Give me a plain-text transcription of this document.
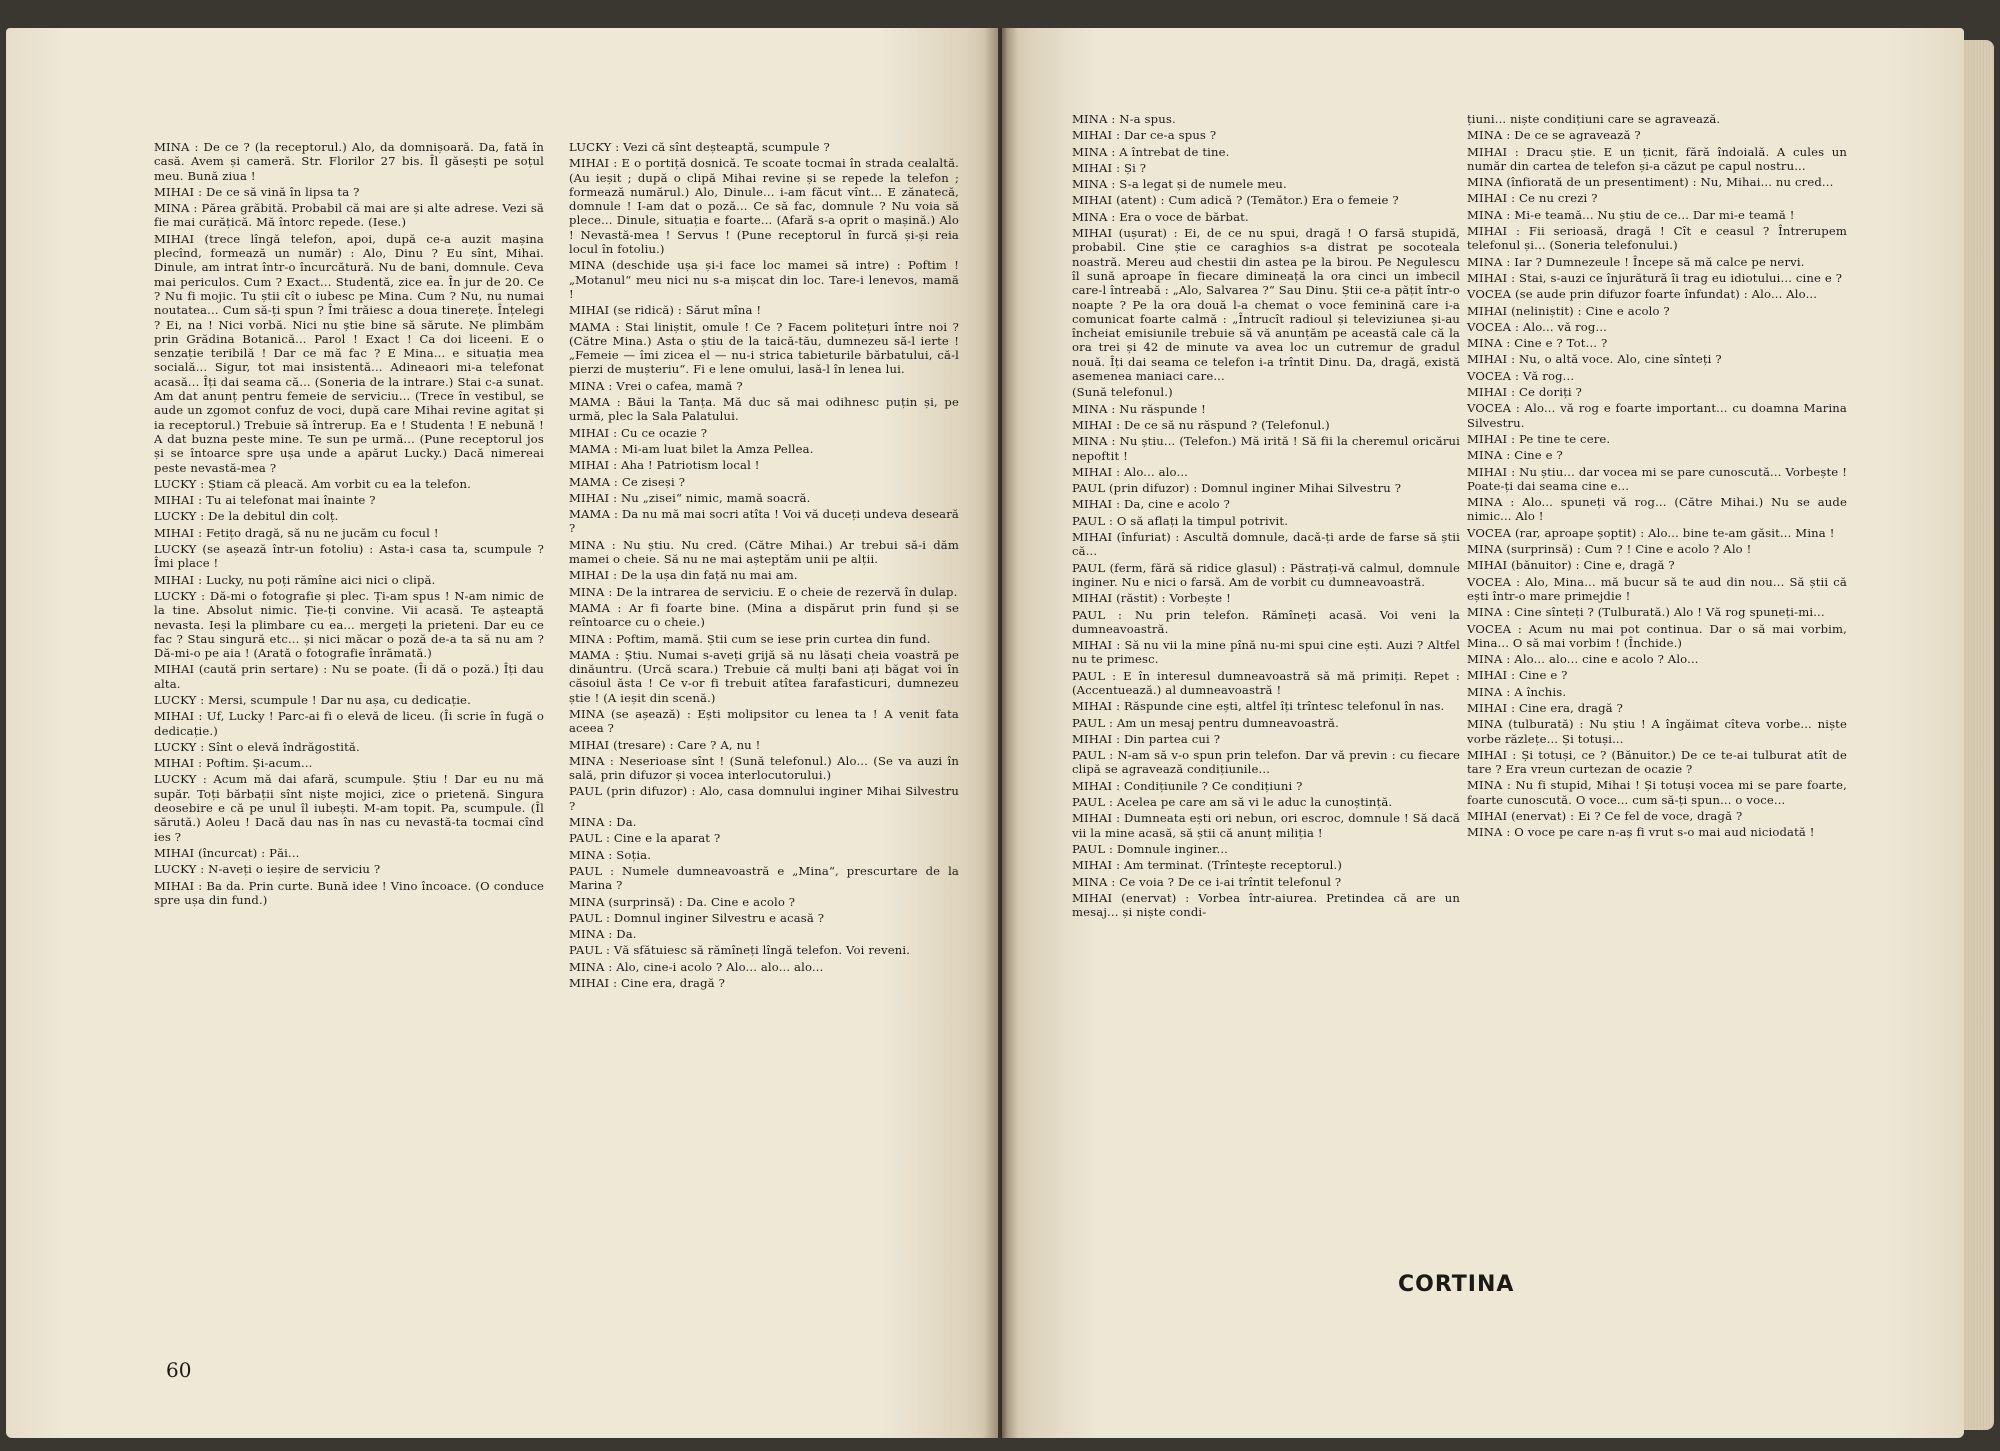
MINA : De ce ? (la receptorul.) Alo, da domnișoară. Da, fată în casă. Avem și cameră. Str. Florilor 27 bis. Îl găsești pe soțul meu. Bună ziua !

MIHAI : De ce să vină în lipsa ta ?

MINA : Părea grăbită. Probabil că mai are și alte adrese. Vezi să fie mai curățică. Mă întorc repede. (Iese.)

MIHAI (trece lîngă telefon, apoi, după ce-a auzit mașina plecînd, formează un număr) : Alo, Dinu ? Eu sînt, Mihai. Dinule, am intrat într-o încurcătură. Nu de bani, domnule. Ceva mai periculos. Cum ? Exact... Studentă, zice ea. În jur de 20. Ce ? Nu fi mojic. Tu știi cît o iubesc pe Mina. Cum ? Nu, nu numai noutatea... Cum să-ți spun ? Îmi trăiesc a doua tinerețe. Înțelegi ? Ei, na ! Nici vorbă. Nici nu știe bine să sărute. Ne plimbăm prin Grădina Botanică... Parol ! Exact ! Ca doi liceeni. E o senzație teribilă ! Dar ce mă fac ? E Mina... e situația mea socială... Sigur, tot mai insistentă... Adineaori mi-a telefonat acasă... Îți dai seama că... (Soneria de la intrare.) Stai c-a sunat. Am dat anunț pentru femeie de serviciu... (Trece în vestibul, se aude un zgomot confuz de voci, după care Mihai revine agitat și ia receptorul.) Trebuie să întrerup. Ea e ! Studenta ! E nebună ! A dat buzna peste mine. Te sun pe urmă... (Pune receptorul jos și se întoarce spre ușa unde a apărut Lucky.) Dacă nimereai peste nevastă-mea ?

LUCKY : Știam că pleacă. Am vorbit cu ea la telefon.

MIHAI : Tu ai telefonat mai înainte ?

LUCKY : De la debitul din colț.

MIHAI : Fetițo dragă, să nu ne jucăm cu focul !

LUCKY (se așează într-un fotoliu) : Asta-i casa ta, scumpule ? Îmi place !

MIHAI : Lucky, nu poți rămîne aici nici o clipă.

LUCKY : Dă-mi o fotografie și plec. Ți-am spus ! N-am nimic de la tine. Absolut nimic. Ție-ți convine. Vii acasă. Te așteaptă nevasta. Ieși la plimbare cu ea... mergeți la prieteni. Dar eu ce fac ? Stau singură etc... și nici măcar o poză de-a ta să nu am ? Dă-mi-o pe aia ! (Arată o fotografie înrămată.)

MIHAI (caută prin sertare) : Nu se poate. (Îi dă o poză.) Îți dau alta.

LUCKY : Mersi, scumpule ! Dar nu așa, cu dedicație.

MIHAI : Uf, Lucky ! Parc-ai fi o elevă de liceu. (Îi scrie în fugă o dedicație.)

LUCKY : Sînt o elevă îndrăgostită.

MIHAI : Poftim. Și-acum...

LUCKY : Acum mă dai afară, scumpule. Știu ! Dar eu nu mă supăr. Toți bărbații sînt niște mojici, zice o prietenă. Singura deosebire e că pe unul îl iubești. M-am topit. Pa, scumpule. (Îl sărută.) Aoleu ! Dacă dau nas în nas cu nevastă-ta tocmai cînd ies ?

MIHAI (încurcat) : Păi...

LUCKY : N-aveți o ieșire de serviciu ?

MIHAI : Ba da. Prin curte. Bună idee ! Vino încoace. (O conduce spre ușa din fund.)

LUCKY : Vezi că sînt deșteaptă, scumpule ?

MIHAI : E o portiță dosnică. Te scoate tocmai în strada cealaltă. (Au ieșit ; după o clipă Mihai revine și se repede la telefon ; formează numărul.) Alo, Dinule... i-am făcut vînt... E zănatecă, domnule ! I-am dat o poză... Ce să fac, domnule ? Nu voia să plece... Dinule, situația e foarte... (Afară s-a oprit o mașină.) Alo ! Nevastă-mea ! Servus ! (Pune receptorul în furcă și-și reia locul în fotoliu.)

MINA (deschide ușa și-i face loc mamei să intre) : Poftim ! „Motanul“ meu nici nu s-a mișcat din loc. Tare-i lenevos, mamă !

MIHAI (se ridică) : Sărut mîna !

MAMA : Stai liniștit, omule ! Ce ? Facem politețuri între noi ? (Către Mina.) Asta o știu de la taică-tău, dumnezeu să-l ierte ! „Femeie — îmi zicea el — nu-i strica tabieturile bărbatului, că-l pierzi de mușteriu“. Fi e lene omului, lasă-l în lenea lui.

MINA : Vrei o cafea, mamă ?

MAMA : Băui la Tanța. Mă duc să mai odihnesc puțin și, pe urmă, plec la Sala Palatului.

MIHAI : Cu ce ocazie ?

MAMA : Mi-am luat bilet la Amza Pellea.

MIHAI : Aha ! Patriotism local !

MAMA : Ce ziseși ?

MIHAI : Nu „zisei“ nimic, mamă soacră.

MAMA : Da nu mă mai socri atîta ! Voi vă duceți undeva deseară ?

MINA : Nu știu. Nu cred. (Către Mihai.) Ar trebui să-i dăm mamei o cheie. Să nu ne mai așteptăm unii pe alții.

MIHAI : De la ușa din față nu mai am.

MINA : De la intrarea de serviciu. E o cheie de rezervă în dulap.

MAMA : Ar fi foarte bine. (Mina a dispărut prin fund și se reîntoarce cu o cheie.)

MINA : Poftim, mamă. Știi cum se iese prin curtea din fund.

MAMA : Știu. Numai s-aveți grijă să nu lăsați cheia voastră pe dinăuntru. (Urcă scara.) Trebuie că mulți bani ați băgat voi în căsoiul ăsta ! Ce v-or fi trebuit atîtea farafasticuri, dumnezeu știe ! (A ieșit din scenă.)

MINA (se așează) : Ești molipsitor cu lenea ta ! A venit fata aceea ?

MIHAI (tresare) : Care ? A, nu !

MINA : Neserioase sînt ! (Sună telefonul.) Alo... (Se va auzi în sală, prin difuzor și vocea interlocutorului.)

PAUL (prin difuzor) : Alo, casa domnului inginer Mihai Silvestru ?

MINA : Da.

PAUL : Cine e la aparat ?

MINA : Soția.

PAUL : Numele dumneavoastră e „Mina“, prescurtare de la Marina ?

MINA (surprinsă) : Da. Cine e acolo ?

PAUL : Domnul inginer Silvestru e acasă ?

MINA : Da.

PAUL : Vă sfătuiesc să rămîneți lîngă telefon. Voi reveni.

MINA : Alo, cine-i acolo ? Alo... alo... alo...

MIHAI : Cine era, dragă ?

60

MINA : N-a spus.

MIHAI : Dar ce-a spus ?

MINA : A întrebat de tine.

MIHAI : Și ?

MINA : S-a legat și de numele meu.

MIHAI (atent) : Cum adică ? (Temător.) Era o femeie ?

MINA : Era o voce de bărbat.

MIHAI (ușurat) : Ei, de ce nu spui, dragă ! O farsă stupidă, probabil. Cine știe ce caraghios s-a distrat pe socoteala noastră. Mereu aud chestii din astea pe la birou. Pe Negulescu îl sună aproape în fiecare dimineață la ora cinci un imbecil care-l întreabă : „Alo, Salvarea ?“ Sau Dinu. Știi ce-a pățit într-o noapte ? Pe la ora două l-a chemat o voce feminină care i-a comunicat foarte calmă : „Întrucît radioul și televiziunea și-au încheiat emisiunile trebuie să vă anunțăm pe această cale că la ora trei și 42 de minute va avea loc un cutremur de gradul nouă. Îți dai seama ce telefon i-a trîntit Dinu. Da, dragă, există asemenea maniaci care...

(Sună telefonul.)

MINA : Nu răspunde !

MIHAI : De ce să nu răspund ? (Telefonul.)

MINA : Nu știu... (Telefon.) Mă irită ! Să fii la cheremul oricărui nepoftit !

MIHAI : Alo... alo...

PAUL (prin difuzor) : Domnul inginer Mihai Silvestru ?

MIHAI : Da, cine e acolo ?

PAUL : O să aflați la timpul potrivit.

MIHAI (înfuriat) : Ascultă domnule, dacă-ți arde de farse să știi că...

PAUL (ferm, fără să ridice glasul) : Păstrați-vă calmul, domnule inginer. Nu e nici o farsă. Am de vorbit cu dumneavoastră.

MIHAI (răstit) : Vorbește !

PAUL : Nu prin telefon. Rămîneți acasă. Voi veni la dumneavoastră.

MIHAI : Să nu vii la mine pînă nu-mi spui cine ești. Auzi ? Altfel nu te primesc.

PAUL : E în interesul dumneavoastră să mă primiți. Repet : (Accentuează.) al dumneavoastră !

MIHAI : Răspunde cine ești, altfel îți trîntesc telefonul în nas.

PAUL : Am un mesaj pentru dumneavoastră.

MIHAI : Din partea cui ?

PAUL : N-am să v-o spun prin telefon. Dar vă previn : cu fiecare clipă se agravează condițiunile...

MIHAI : Condițiunile ? Ce condițiuni ?

PAUL : Acelea pe care am să vi le aduc la cunoștință.

MIHAI : Dumneata ești ori nebun, ori escroc, domnule ! Să dacă vii la mine acasă, să știi că anunț miliția !

PAUL : Domnule inginer...

MIHAI : Am terminat. (Trîntește receptorul.)

MINA : Ce voia ? De ce i-ai trîntit telefonul ?

MIHAI (enervat) : Vorbea într-aiurea. Pretindea că are un mesaj... și niște condi-

țiuni... niște condițiuni care se agravează.

MINA : De ce se agravează ?

MIHAI : Dracu știe. E un țicnit, fără îndoială. A cules un număr din cartea de telefon și-a căzut pe capul nostru...

MINA (înfiorată de un presentiment) : Nu, Mihai... nu cred...

MIHAI : Ce nu crezi ?

MINA : Mi-e teamă... Nu știu de ce... Dar mi-e teamă !

MIHAI : Fii serioasă, dragă ! Cît e ceasul ? Întrerupem telefonul și... (Soneria telefonului.)

MINA : Iar ? Dumnezeule ! Începe să mă calce pe nervi.

MIHAI : Stai, s-auzi ce înjurătură îi trag eu idiotului... cine e ?

VOCEA (se aude prin difuzor foarte înfundat) : Alo... Alo...

MIHAI (neliniștit) : Cine e acolo ?

VOCEA : Alo... vă rog...

MINA : Cine e ? Tot... ?

MIHAI : Nu, o altă voce. Alo, cine sînteți ?

VOCEA : Vă rog...

MIHAI : Ce doriți ?

VOCEA : Alo... vă rog e foarte important... cu doamna Marina Silvestru.

MIHAI : Pe tine te cere.

MINA : Cine e ?

MIHAI : Nu știu... dar vocea mi se pare cunoscută... Vorbește ! Poate-ți dai seama cine e...

MINA : Alo... spuneți vă rog... (Către Mihai.) Nu se aude nimic... Alo !

VOCEA (rar, aproape șoptit) : Alo... bine te-am găsit... Mina !

MINA (surprinsă) : Cum ? ! Cine e acolo ? Alo !

MIHAI (bănuitor) : Cine e, dragă ?

VOCEA : Alo, Mina... mă bucur să te aud din nou... Să știi că ești într-o mare primejdie !

MINA : Cine sînteți ? (Tulburată.) Alo ! Vă rog spuneți-mi...

VOCEA : Acum nu mai pot continua. Dar o să mai vorbim, Mina... O să mai vorbim ! (Închide.)

MINA : Alo... alo... cine e acolo ? Alo...

MIHAI : Cine e ?

MINA : A închis.

MIHAI : Cine era, dragă ?

MINA (tulburată) : Nu știu ! A îngăimat cîteva vorbe... niște vorbe răzlețe... Și totuși...

MIHAI : Și totuși, ce ? (Bănuitor.) De ce te-ai tulburat atît de tare ? Era vreun curtezan de ocazie ?

MINA : Nu fi stupid, Mihai ! Și totuși vocea mi se pare foarte, foarte cunoscută. O voce... cum să-ți spun... o voce...

MIHAI (enervat) : Ei ? Ce fel de voce, dragă ?

MINA : O voce pe care n-aș fi vrut s-o mai aud niciodată !

CORTINA
